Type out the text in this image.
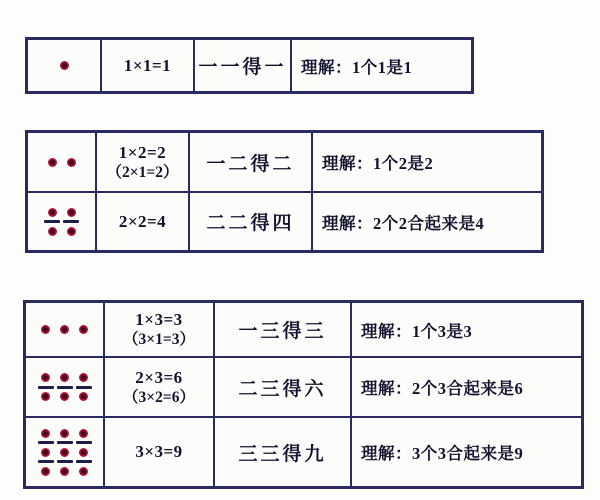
1×1=1 一一得一 理解：1个1是1
1×2=2
（2×1=2） 一二得二 理解：1个2是2
2×2=4 二二得四 理解：2个2合起来是4
1×3=3
（3×1=3） 一三得三 理解：1个3是3
2×3=6
（3×2=6） 二三得六 理解：2个3合起来是6
3×3=9	三三得九 理解：3个3合起来是9
